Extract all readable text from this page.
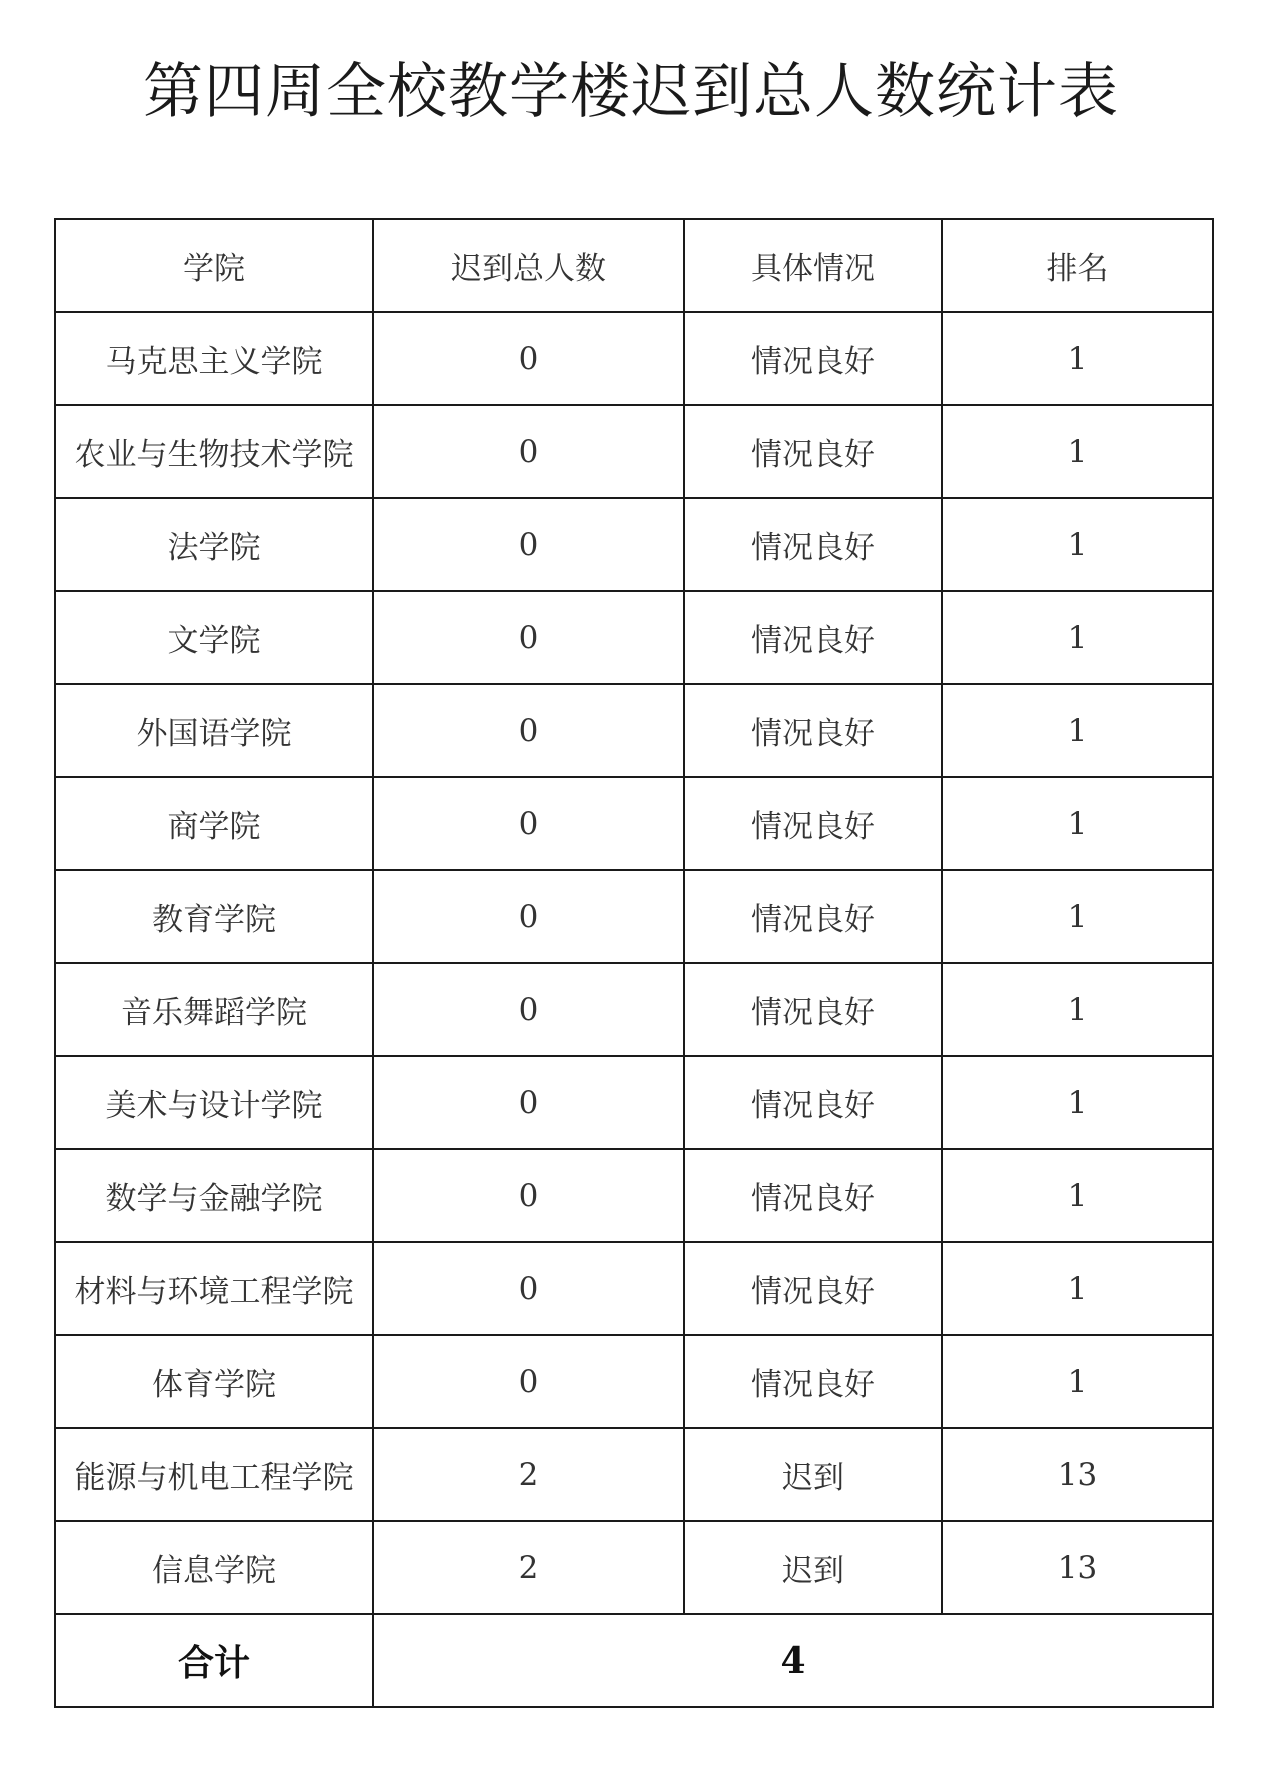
第四周全校教学楼迟到总人数统计表
学院	迟到总人数	具体情况	排名
马克思主义学院	0	情况良好	1
农业与生物技术学院	0	情况良好	1
法学院	0	情况良好	1
文学院	0	情况良好	1
外国语学院	0	情况良好	1
商学院	0	情况良好	1
教育学院	0	情况良好	1
音乐舞蹈学院	0	情况良好	1
美术与设计学院	0	情况良好	1
数学与金融学院	0	情况良好	1
材料与环境工程学院	0	情况良好	1
体育学院	0	情况良好	1
能源与机电工程学院	2	迟到	13
信息学院	2	迟到	13
合计	4		
